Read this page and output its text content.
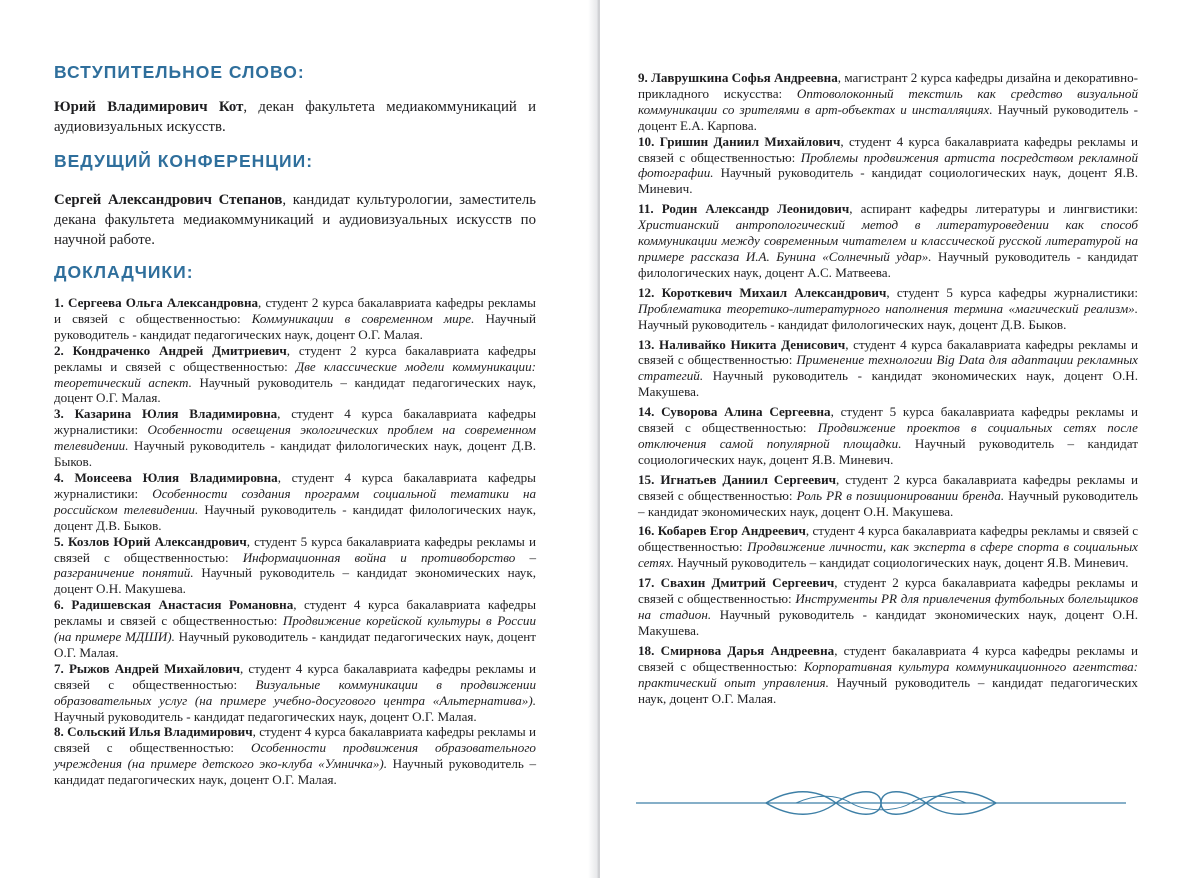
ВСТУПИТЕЛЬНОЕ СЛОВО:

Юрий Владимирович Кот, декан факультета медиакоммуникаций и аудиовизуальных искусств.

ВЕДУЩИЙ КОНФЕРЕНЦИИ:

Сергей Александрович Степанов, кандидат культурологии, заместитель декана факультета медиакоммуникаций и аудиовизуальных искусств по научной работе.

ДОКЛАДЧИКИ:
1. Сергеева Ольга Александровна, студент 2 курса бакалавриата кафедры рекламы и связей с общественностью: Коммуникации в современном мире. Научный руководитель - кандидат педагогических наук, доцент О.Г. Малая.
2. Кондраченко Андрей Дмитриевич, студент 2 курса бакалавриата кафедры рекламы и связей с общественностью: Две классические модели коммуникации: теоретический аспект. Научный руководитель – кандидат педагогических наук, доцент О.Г. Малая.
3. Казарина Юлия Владимировна, студент 4 курса бакалавриата кафедры журналистики: Особенности освещения экологических проблем на современном телевидении. Научный руководитель - кандидат филологических наук, доцент Д.В. Быков.
4. Моисеева Юлия Владимировна, студент 4 курса бакалавриата кафедры журналистики: Особенности создания программ социальной тематики на российском телевидении. Научный руководитель - кандидат филологических наук, доцент Д.В. Быков.
5. Козлов Юрий Александрович, студент 5 курса бакалавриата кафедры рекламы и связей с общественностью: Информационная война и противоборство – разграничение понятий. Научный руководитель – кандидат экономических наук, доцент О.Н. Макушева.
6. Радишевская Анастасия Романовна, студент 4 курса бакалавриата кафедры рекламы и связей с общественностью: Продвижение корейской культуры в России (на примере МДШИ). Научный руководитель - кандидат педагогических наук, доцент О.Г. Малая.
7. Рыжов Андрей Михайлович, студент 4 курса бакалавриата кафедры рекламы и связей с общественностью: Визуальные коммуникации в продвижении образовательных услуг (на примере учебно-досугового центра «Альтернатива»). Научный руководитель - кандидат педагогических наук, доцент О.Г. Малая.
8. Сольский Илья Владимирович, студент 4 курса бакалавриата кафедры рекламы и связей с общественностью: Особенности продвижения образовательного учреждения (на примере детского эко-клуба «Умничка»). Научный руководитель – кандидат педагогических наук, доцент О.Г. Малая.
9. Лаврушкина Софья Андреевна, магистрант 2 курса кафедры дизайна и декоративно-прикладного искусства: Оптоволоконный текстиль как средство визуальной коммуникации со зрителями в арт-объектах и инсталляциях. Научный руководитель - доцент Е.А. Карпова.
10. Гришин Даниил Михайлович, студент 4 курса бакалавриата кафедры рекламы и связей с общественностью: Проблемы продвижения артиста посредством рекламной фотографии. Научный руководитель - кандидат социологических наук, доцент Я.В. Миневич.
11. Родин Александр Леонидович, аспирант кафедры литературы и лингвистики: Христианский антропологический метод в литературоведении как способ коммуникации между современным читателем и классической русской литературой на примере рассказа И.А. Бунина «Солнечный удар». Научный руководитель - кандидат филологических наук, доцент А.С. Матвеева.
12. Короткевич Михаил Александрович, студент 5 курса кафедры журналистики: Проблематика теоретико-литературного наполнения термина «магический реализм». Научный руководитель - кандидат филологических наук, доцент Д.В. Быков.
13. Наливайко Никита Денисович, студент 4 курса бакалавриата кафедры рекламы и связей с общественностью: Применение технологии Big Data для адаптации рекламных стратегий. Научный руководитель - кандидат экономических наук, доцент О.Н. Макушева.
14. Суворова Алина Сергеевна, студент 5 курса бакалавриата кафедры рекламы и связей с общественностью: Продвижение проектов в социальных сетях после отключения самой популярной площадки. Научный руководитель – кандидат социологических наук, доцент Я.В. Миневич.
15. Игнатьев Даниил Сергеевич, студент 2 курса бакалавриата кафедры рекламы и связей с общественностью: Роль PR в позиционировании бренда. Научный руководитель – кандидат экономических наук, доцент О.Н. Макушева.
16. Кобарев Егор Андреевич, студент 4 курса бакалавриата кафедры рекламы и связей с общественностью: Продвижение личности, как эксперта в сфере спорта в социальных сетях. Научный руководитель – кандидат социологических наук, доцент Я.В. Миневич.
17. Свахин Дмитрий Сергеевич, студент 2 курса бакалавриата кафедры рекламы и связей с общественностью: Инструменты PR для привлечения футбольных болельщиков на стадион. Научный руководитель - кандидат экономических наук, доцент О.Н. Макушева.
18. Смирнова Дарья Андреевна, студент бакалавриата 4 курса кафедры рекламы и связей с общественностью: Корпоративная культура коммуникационного агентства: практический опыт управления. Научный руководитель – кандидат педагогических наук, доцент О.Г. Малая.
